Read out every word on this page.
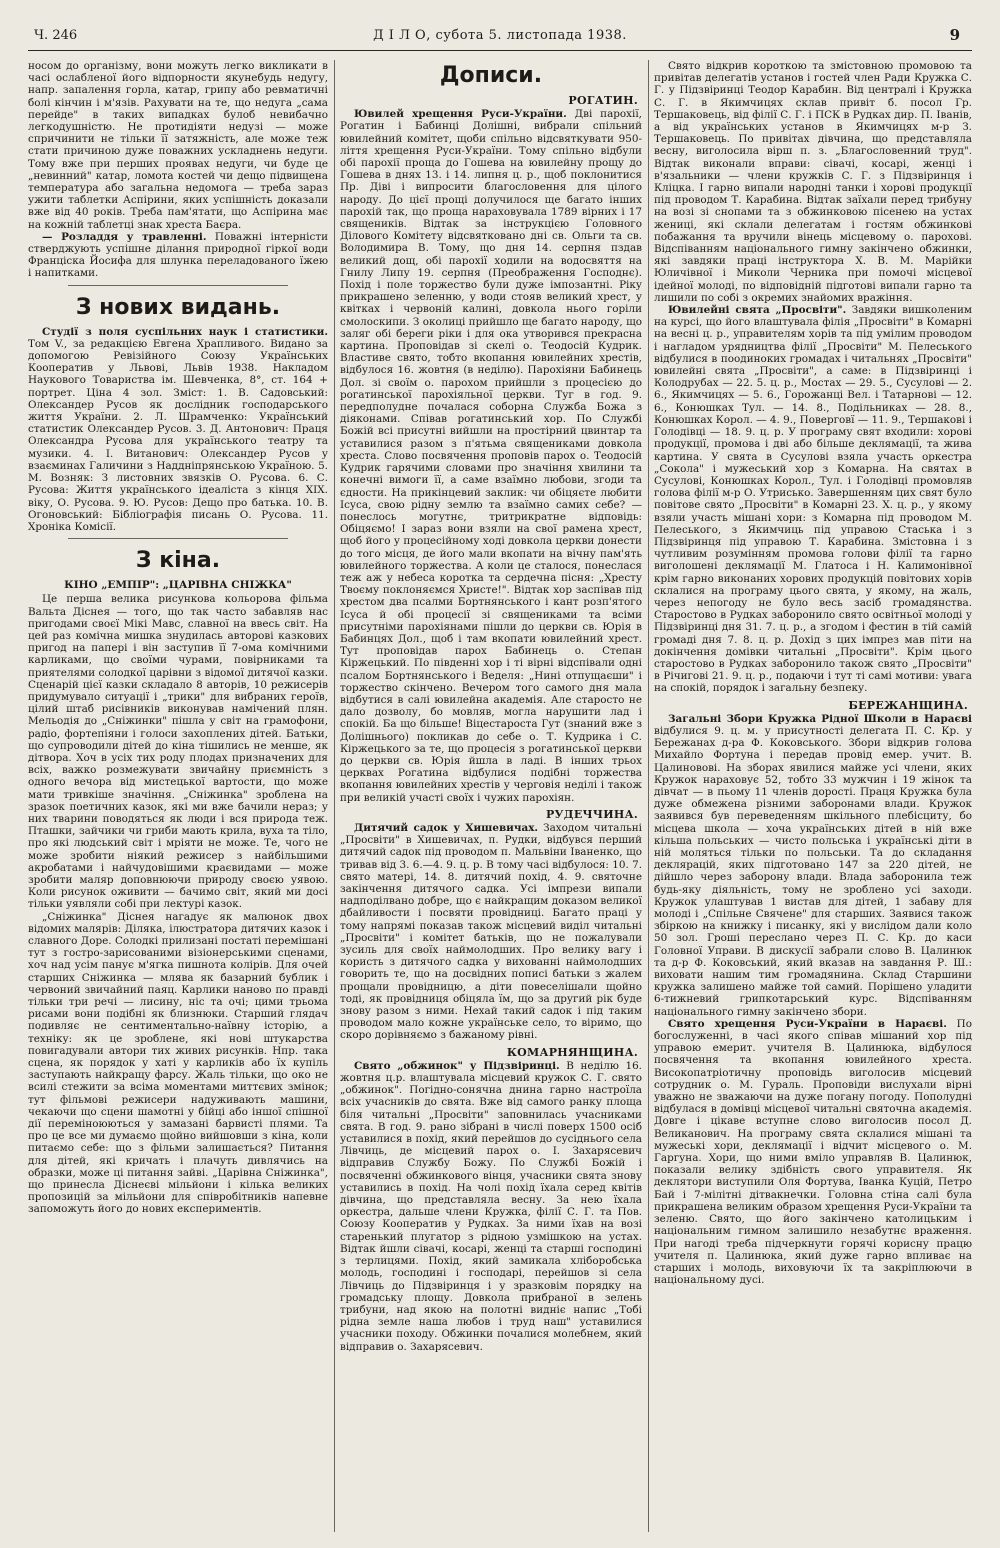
Ч. 246	Д І Л О, субота 5. листопада 1938.	9

носом до організму, вони можуть легко викликати в часі ослабленої його відпорности якунебудь недугу, напр. запалення горла, катар, грипу або ревматичні болі кінчин і м'язів. Рахувати на те, що недуга „сама перейде" в таких випадках булоб невибачно легкодушністю. Не протидіяти недузі — може спричинити не тільки її затяжність, але може теж стати причиною дуже поважних ускладнень недуги. Тому вже при перших проявах недуги, чи буде це „невинний" катар, ломота костей чи дещо підвищена температура або загальна недомога — треба зараз ужити таблетки Аспірини, яких успішність доказали вже від 40 років. Треба пам'ятати, що Аспірина має на кожній таблетці знак хреста Баєра.

— Розладдя у травленні. Поважні інтерністи стверджують успішне ділання природної гіркої води Франціска Йосифа для шлунка переладованого їжею і напитками.

З нових видань.

Студії з поля суспільних наук і статистики. Том V., за редакцією Евгена Храпливого. Видано за допомогою Ревізійного Союзу Українських Кооператив у Львові, Львів 1938. Накладом Наукового Товариства ім. Шевченка, 8°, ст. 164 + портрет. Ціна 4 зол. Зміст: 1. В. Садовський: Олександер Русов як дослідник господарського життя України. 2. Л. Шрамченко: Український статистик Олександер Русов. 3. Д. Антонович: Праця Олександра Русова для українського театру та музики. 4. І. Витанович: Олександер Русов у взаєминах Галичини з Наддніпрянською Україною. 5. М. Возняк: З листовних звязків О. Русова. 6. С. Русова: Життя українського ідеаліста з кінця XIX. віку, О. Русова. 9. Ю. Русов: Дещо про батька. 10. В. Огоновський: Бібліографія писань О. Русова. 11. Хроніка Комісії.

З кіна.
КІНО „ЕМПІР": „ЦАРІВНА СНІЖКА"

Це перша велика рисункова кольорова фільма Вальта Діснея — того, що так часто забавляв нас пригодами своєї Мікі Мавс, славної на ввесь світ. На цей раз комічна мишка знудилась авторові казкових пригод на папері і він заступив її 7-ома комічними карликами, що своїми чурами, повірниками та приятелями солодкої царівни з відомої дитячої казки. Сценарій цієї казки складало 8 авторів, 10 режисерів придумувало ситуації і „трики" для вибраних героїв, цілий штаб рисівників виконував намічений плян. Мельодія до „Сніжинки" пішла у світ на грамофони, радіо, фортепіяни і голоси захоплених дітей. Батьки, що супроводили дітей до кіна тішились не менше, як дітвора. Хоч в усіх тих роду плодах призначених для всіх, важко розмежувати звичайну приємність з одного вечора від мистецької вартости, що може мати тривкіше значіння. „Сніжинка" зроблена на зразок поетичних казок, які ми вже бачили нераз; у них тварини поводяться як люди і вся природа теж. Пташки, зайчики чи гриби мають крила, вуха та тіло, про які людський світ і мріяти не може. Те, чого не може зробити ніякий режисер з найбільшими акробатами і найчудовішими краєвидами — може зробити маляр доповнюючи природу своєю уявою. Коли рисунок оживити — бачимо світ, який ми досі тільки уявляли собі при лектурі казок.

„Сніжинка" Діснея нагадує як малюнок двох відомих малярів: Діляка, ілюстратора дитячих казок і славного Доре. Солодкі прилизані постаті перемішані тут з гостро-зарисованими візіонерськими сценами, хоч над усім панує м'ягка пишнота колірів. Для очей старших Сніжинка — млява як базарний бублик і червоний звичайний паяц. Карлики наново по правді тільки три речі — лисину, ніс та очі; цими трьома рисами вони подібні як близнюки. Старший глядач подивляє не сентиментально-наївну історію, а техніку: як це зроблене, які нові штукарства повигадували автори тих живих рисунків. Нпр. така сцена, як порядок у хаті у карликів або їх купіль заступають найкращу фарсу. Жаль тільки, що око не всилі стежити за всіма моментами миттєвих змінок; тут фільмові режисери надуживають машини, чекаючи що сцени шамотні у бійці або іншої спішної дії переміноюються у замазані барвисті плями. Та про це все ми думаємо щойно вийшовши з кіна, коли питаємо себе: що з фільми залишається? Питання для дітей, які кричать і плачуть дивлячись на образки, може ці питання зайві. „Царівна Сніжинка", що принесла Діснеєві мільйони і кілька великих пропозицій за мільйони для співробітників напевне запоможуть його до нових експериментів.

Дописи.
РОГАТИН.

Ювилей хрещення Руси-України. Дві парохії, Рогатин і Бабинці Долішні, вибрали спільний ювилейний комітет, щоби спільно відсвяткувати 950-ліття хрещення Руси-України. Тому спільно відбули обі парохії проща до Гошева на ювилейну прощу до Гошева в днях 13. і 14. липня ц. р., щоб поклонитися Пр. Діві і випросити благословення для цілого народу. До цієї прощі долучилося ще багато інших парохій так, що проща нараховувала 1789 вірних і 17 священиків. Відтак за інструкцією Головного Ділового Комітету відсвятковано дні св. Ольги та св. Володимира В. Тому, що дня 14. серпня пздав великий дощ, обі парохії ходили на водосвяття на Гнилу Липу 19. серпня (Преображення Господнє). Похід і поле торжество були дуже імпозантні. Ріку прикрашено зеленню, у води стояв великий хрест, у квітках і червоній калині, довкола нього горіли смолоскипи. З околиці прийшло ще багато народу, що заляг обі береги ріки і для ока утворився прекрасна картина. Проповідав зі скелі о. Теодосій Кудрик. Властиве свято, тобто вкопання ювилейних хрестів, відбулося 16. жовтня (в неділю). Парохіяни Бабинець Дол. зі своїм о. парохом прийшли з процесією до рогатинської парохіяльної церкви. Туг в год. 9. передполудне почалася соборна Служба Божа з діяконами. Співав рогатинський хор. По Службі Божій всі присутні вийшли на простірний цвинтар та уставилися разом з п'ятьма священиками довкола хреста. Слово посвячення проповів парох о. Теодосій Кудрик гарячими словами про значіння хвилини та конечні вимоги її, а саме взаїмно любови, згоди та єдности. На прикінцевий заклик: чи обіцяєте любити Ісуса, свою рідну землю та взаїмно самих себе? — понеслось могутнє, тритрикратне відповідь: Обіцяємо! І зараз вони взяли на свої рамена хрест, щоб його у процесійному ході довкола церкви донести до того місця, де його мали вкопати на вічну пам'ять ювилейного торжества. А коли це сталося, понеслася теж аж у небеса коротка та сердечна пісня: „Хресту Твоєму поклоняємся Христе!". Відтак хор заспівав під хрестом два псалми Бортнянського і кант розп'ятого Ісуса й обі процесії зі священиками та всіми присутніми парохіянами пішли до церкви св. Юрія в Бабинцях Дол., щоб і там вкопати ювилейний хрест. Тут проповідав парох Бабинець о. Степан Кіржецький. По південні хор і ті вірні відспівали одні псалом Бортнянського і Веделя: „Нині отпущаєши" і торжество скінчено. Вечером того самого дня мала відбутися в салі ювилейна академія. Але старосто не дало дозволу, бо мовляв, могла нарушити лад і спокій. Ба що більше! Віцестароста Гут (знаний вже з Долішнього) покликав до себе о. Т. Кудрика і С. Кіржецького за те, що процесія з рогатинської церкви до церкви св. Юрія йшла в ладі. В інших трьох церквах Рогатина відбулися подібні торжества вкопання ювилейних хрестів у черговія неділі і також при великій участі своїх і чужих парохіян.

РУДЕЧЧИНА.

Дитячий садок у Хишевичах. Заходом читальні „Просвіти" в Хишевичах, п. Рудки, відбувся перший дитячий садок під проводом п. Мальвіни Іваненко, що тривав від 3. 6.—4. 9. ц. р. В тому часі відбулося: 10. 7. свято матері, 14. 8. дитячий похід, 4. 9. святочне закінчення дитячого садка. Усі імпрези випали надподілвано добре, що є найкращим доказом великої дбайливости і посвяти провідниці. Багато праці у тому напрямі показав також місцевий виділ читальні „Просвіти" і комітет батьків, що не пожалували зусиль для своїх наймолодших. Про велику вагу і користь з дитячого садка у вихованні наймолодших говорить те, що на досвідних пописі батьки з жалем прощали провідницю, а діти повеселішали щойно тоді, як провідниця обіцяла їм, що за другий рік буде знову разом з ними. Нехай такий садок і під таким проводом мало кожне українське село, то віримо, що скоро дорівняємо з бажаному рівні.

КОМАРНЯНЩИНА.

Свято „обжинок" у Підзвіринці. В неділю 16. жовтня ц.р. влаштувала місцевий кружок С. Г. свято „обжинок". Погідно-сонячна днина гарно настроїла всіх учасників до свята. Вже від самого ранку площа біля читальні „Просвіти" заповнилась учасниками свята. В год. 9. рано зібрані в числі поверх 1500 осіб уставилися в похід, який перейшов до сусіднього села Лівчиць, де місцевий парох о. І. Захарясевич відправив Службу Божу. По Службі Божій і посвяченні обжинкового вінця, учасники свята знову уставились в похід. На чолі похід їхала серед квітів дівчина, що представляла весну. За нею їхала оркестра, дальше члени Кружка, філії С. Г. та Пов. Союзу Кооператив у Рудках. За ними їхав на возі старенький плугатор з рідною узмішкою на устах. Відтак йшли сівачі, косарі, женці та старші господині з терлицями. Похід, який замикала хліборобська молодь, господині і господарі, перейшов зі села Лівчиць до Підзвіринця і у зразковім порядку на громадську площу. Довкола прибраної в зелень трибуни, над якою на полотні видніє напис „Тобі рідна земле наша любов і труд наш" уставилися учасники походу. Обжинки почалися молебнем, який відправив о. Захарясевич.

Свято відкрив короткою та змістовною промовою та привітав делегатів установ і гостей член Ради Кружка С. Г. у Підзвіринці Теодор Карабин. Від централі і Кружка С. Г. в Якимчицях склав привіт б. посол Гр. Тершаковець, від філії С. Г. і ПСК в Рудках дир. П. Іванів, а від українських установ в Якимчицях м-р З. Тершаковець. По привітах дівчина, що представляла весну, виголосила вірш п. з. „Благословенний труд". Відтак виконали вправи: сівачі, косарі, женці і в'язальники — члени кружків С. Г. з Підзвіринця і Кліцка. І гарно випали народні танки і хорові продукції під проводом Т. Карабина. Відтак заїхали перед трибуну на возі зі снопами та з обжинковою пісенею на устах жениці, які склали делегатам і гостям обжинкові побажання та вручили вінець місцевому о. парохові. Відспіванням національного гимну закінчено обжинки, які завдяки праці інструктора Х. В. М. Марійки Юличівної і Миколи Черника при помочі місцевої ідейної молоді, по відповідній підготові випали гарно та лишили по собі з окремих знайомих вражіння.

Ювилейні свята „Просвіти". Завдяки вишколеним на курсі, що його влаштувала філія „Просвіти" в Комарні на весні ц. р., управителям хорів та під умілим проводом і нагладом урядництва філії „Просвіти" М. Пелеського відбулися в поодиноких громадах і читальнях „Просвіти" ювилейні свята „Просвіти", а саме: в Підзвіринці і Колодрубах — 22. 5. ц. р., Мостах — 29. 5., Сусулові — 2. 6., Якимчицях — 5. 6., Горожанці Вел. і Татарнові — 12. 6., Конюшках Тул. — 14. 8., Подільниках — 28. 8., Конюшках Корол. — 4. 9., Поверговї — 11. 9., Тершакові і Голодівці — 18. 9. ц. р. У програму свят входили: хорові продукції, промова і дві або більше деклямації, та жива картина. У свята в Сусулові взяла участь оркестра „Сокола" і мужеський хор з Комарна. На святах в Сусулові, Конюшках Корол., Тул. і Голодівці промовляв голова філії м-р О. Утрисько. Завершенням цих свят було повітове свято „Просвіти" в Комарні 23. Х. ц. р., у якому взяли участь мішані хори: з Комарна під проводом М. Пелеського, з Якимчиць під управою Стаська і з Підзвіринця під управою Т. Карабина. Змістовна і з чутливим розумінням промова голови філії та гарно виголошені деклямації М. Глатоса і Н. Калимонівної крім гарно виконаних хорових продукцій повітових хорів склалися на програму цього свята, у якому, на жаль, через непогоду не було весь засіб громадянства. Старостово в Рудках заборонило свято освітньої молоді у Підзвіринці дня 31. 7. ц. р., а згодом і фестин в тій самій громаді дня 7. 8. ц. р. Дохід з цих імпрез мав піти на докінчення домівки читальні „Просвіти". Крім цього старостово в Рудках заборонило також свято „Просвіти" в Річигові 21. 9. ц. р., подаючи і тут ті самі мотиви: увага на спокій, порядок і загальну безпеку.

БЕРЕЖАНЩИНА.

Загальні Збори Кружка Рідної Школи в Нараєві відбулися 9. ц. м. у присутності делегата П. С. Кр. у Бережанах д-ра Ф. Коковського. Збори відкрив голова Михайло Фортуна і передав провід емер. учит. В. Цалиновові. На зборах явилися майже усі члени, яких Кружок нараховує 52, тобто 33 мужчин і 19 жінок та дівчат — в пьому 11 членів дорості. Праця Кружка була дуже обмежена різними заборонами влади. Кружок заявився був переведенням шкільного плебісциту, бо місцева школа — хоча українських дітей в ній вже кільша польських — чисто польська і українські діти в ній моляться тільки по польськи. Та до складання деклярацій, яких підготовано 147 за 220 дітей, не дійшло через заборону влади. Влада заборонила теж будь-яку діяльність, тому не зроблено усі заходи. Кружок улаштував 1 вистав для дітей, 1 забаву для молоді і „Спільне Свячене" для старших. Заявися також збіркою на книжку і писанку, які у вислідом дали коло 50 зол. Гроші переслано через П. С. Кр. до каси Головної Управи. В дискусії забрали слово В. Цалинюк та д-р Ф. Коковський, який вказав на завдання Р. Ш.: виховати нашим тим громадянина. Склад Старшини кружка залишено майже той самий. Порішено уладити 6-тижневий грипкотарський курс. Відспіванням національного гимну закінчено збори.

Свято хрещення Руси-України в Нараєві. По богослуженні, в часі якого співав мішаний хор під управою емерит. учителя В. Цалинюка, відбулося посвячення та вкопання ювилейного хреста. Високопатріотичну проповідь виголосив місцевий сотрудник о. М. Гураль. Проповіди вислухали вірні уважно не зважаючи на дуже погану погоду. Пополудні відбулася в домівці місцевої читальні святочна академія. Довге і цікаве вступне слово виголосив посол Д. Великанович. На програму свята склалися мішані та мужеські хори, деклямації і відчит місцевого о. М. Гаргуна. Хори, що ними вміло управляв В. Цалинюк, показали велику здібність свого управителя. Як деклятори виступили Оля Фортува, Іванка Куцій, Петро Бай і 7-мілітні дітвакнечки. Головна стіна салі була прикрашена великим образом хрещення Руси-України та зеленю. Свято, що його закінчено католицьким і національним гимном залишило незабутнє враження. При нагоді треба підчеркнути горячі корисну працю учителя п. Цалинюка, який дуже гарно впливає на старших і молодь, виховуючи їх та закріплюючи в національному дусі.
